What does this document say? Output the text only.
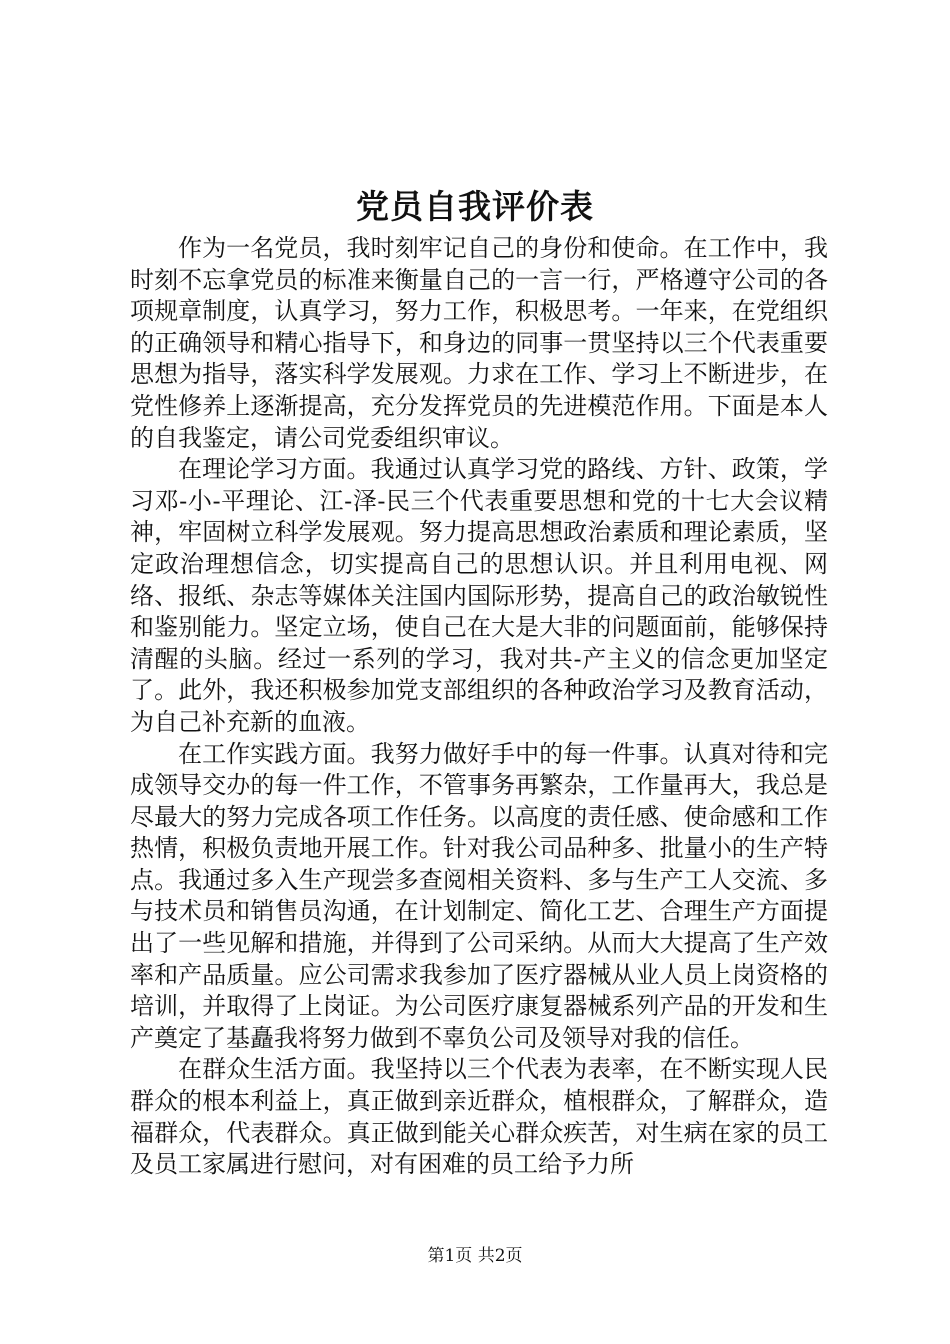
党员自我评价表

作为一名党员，我时刻牢记自己的身份和使命。在工作中，我时刻不忘拿党员的标准来衡量自己的一言一行，严格遵守公司的各项规章制度，认真学习，努力工作，积极思考。一年来，在党组织的正确领导和精心指导下，和身边的同事一贯坚持以三个代表重要思想为指导，落实科学发展观。力求在工作、学习上不断进步，在党性修养上逐渐提高，充分发挥党员的先进模范作用。下面是本人的自我鉴定，请公司党委组织审议。

在理论学习方面。我通过认真学习党的路线、方针、政策，学习邓-小-平理论、江-泽-民三个代表重要思想和党的十七大会议精神，牢固树立科学发展观。努力提高思想政治素质和理论素质，坚定政治理想信念，切实提高自己的思想认识。并且利用电视、网络、报纸、杂志等媒体关注国内国际形势，提高自己的政治敏锐性和鉴别能力。坚定立场，使自己在大是大非的问题面前，能够保持清醒的头脑。经过一系列的学习，我对共-产主义的信念更加坚定了。此外，我还积极参加党支部组织的各种政治学习及教育活动，为自己补充新的血液。

在工作实践方面。我努力做好手中的每一件事。认真对待和完成领导交办的每一件工作，不管事务再繁杂，工作量再大，我总是尽最大的努力完成各项工作任务。以高度的责任感、使命感和工作热情，积极负责地开展工作。针对我公司品种多、批量小的生产特点。我通过多入生产现尝多查阅相关资料、多与生产工人交流、多与技术员和销售员沟通，在计划制定、简化工艺、合理生产方面提出了一些见解和措施，并得到了公司采纳。从而大大提高了生产效率和产品质量。应公司需求我参加了医疗器械从业人员上岗资格的培训，并取得了上岗证。为公司医疗康复器械系列产品的开发和生产奠定了基矗我将努力做到不辜负公司及领导对我的信任。

在群众生活方面。我坚持以三个代表为表率，在不断实现人民群众的根本利益上，真正做到亲近群众，植根群众，了解群众，造福群众，代表群众。真正做到能关心群众疾苦，对生病在家的员工及员工家属进行慰问，对有困难的员工给予力所

第1页 共2页
